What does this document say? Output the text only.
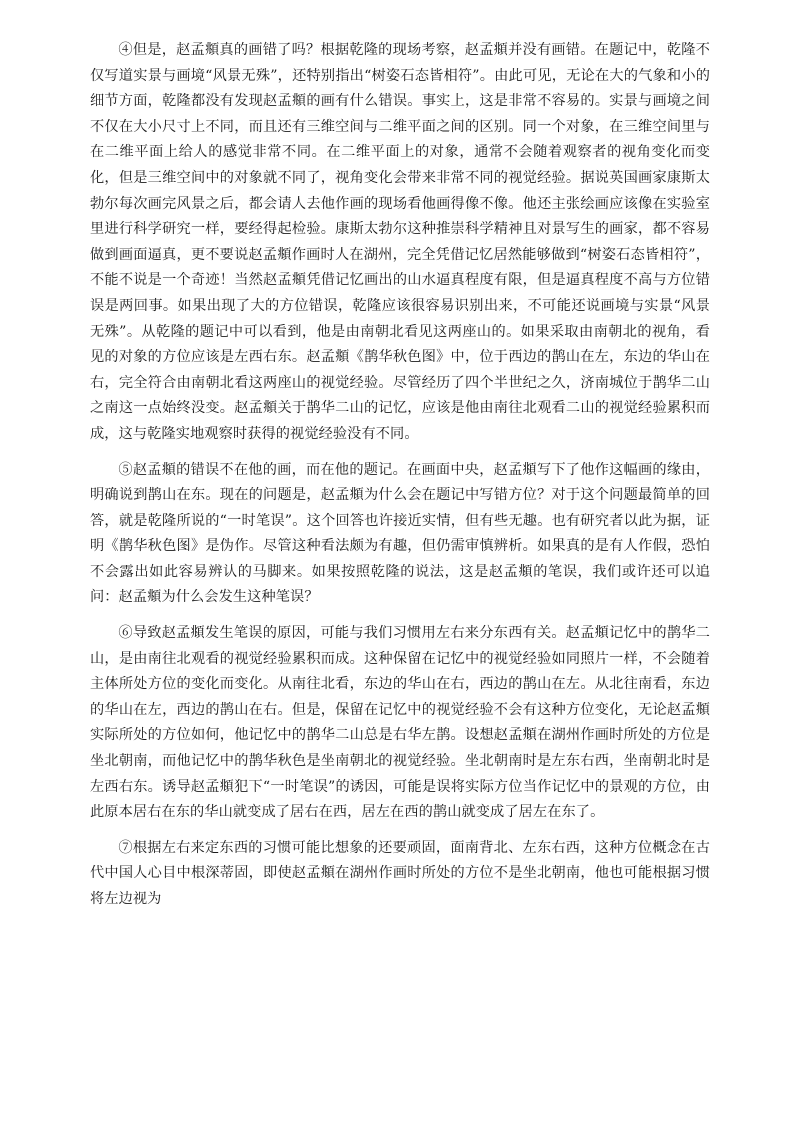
④但是，赵孟頫真的画错了吗？根据乾隆的现场考察，赵孟頫并没有画错。在题记中，乾隆不仅写道实景与画境“风景无殊”，还特别指出“树姿石态皆相符”。由此可见，无论在大的气象和小的细节方面，乾隆都没有发现赵孟頫的画有什么错误。事实上，这是非常不容易的。实景与画境之间不仅在大小尺寸上不同，而且还有三维空间与二维平面之间的区别。同一个对象，在三维空间里与在二维平面上给人的感觉非常不同。在二维平面上的对象，通常不会随着观察者的视角变化而变化，但是三维空间中的对象就不同了，视角变化会带来非常不同的视觉经验。据说英国画家康斯太勃尔每次画完风景之后，都会请人去他作画的现场看他画得像不像。他还主张绘画应该像在实验室里进行科学研究一样，要经得起检验。康斯太勃尔这种推崇科学精神且对景写生的画家，都不容易做到画面逼真，更不要说赵孟頫作画时人在湖州，完全凭借记忆居然能够做到“树姿石态皆相符”，不能不说是一个奇迹！当然赵孟頫凭借记忆画出的山水逼真程度有限，但是逼真程度不高与方位错误是两回事。如果出现了大的方位错误，乾隆应该很容易识别出来，不可能还说画境与实景“风景无殊”。从乾隆的题记中可以看到，他是由南朝北看见这两座山的。如果采取由南朝北的视角，看见的对象的方位应该是左西右东。赵孟頫《鹊华秋色图》中，位于西边的鹊山在左，东边的华山在右，完全符合由南朝北看这两座山的视觉经验。尽管经历了四个半世纪之久，济南城位于鹊华二山之南这一点始终没变。赵孟頫关于鹊华二山的记忆，应该是他由南往北观看二山的视觉经验累积而成，这与乾隆实地观察时获得的视觉经验没有不同。

⑤赵孟頫的错误不在他的画，而在他的题记。在画面中央，赵孟頫写下了他作这幅画的缘由，明确说到鹊山在东。现在的问题是，赵孟頫为什么会在题记中写错方位？对于这个问题最简单的回答，就是乾隆所说的“一时笔误”。这个回答也许接近实情，但有些无趣。也有研究者以此为据，证明《鹊华秋色图》是伪作。尽管这种看法颇为有趣，但仍需审慎辨析。如果真的是有人作假，恐怕不会露出如此容易辨认的马脚来。如果按照乾隆的说法，这是赵孟頫的笔误，我们或许还可以追问：赵孟頫为什么会发生这种笔误？

⑥导致赵孟頫发生笔误的原因，可能与我们习惯用左右来分东西有关。赵孟頫记忆中的鹊华二山，是由南往北观看的视觉经验累积而成。这种保留在记忆中的视觉经验如同照片一样，不会随着主体所处方位的变化而变化。从南往北看，东边的华山在右，西边的鹊山在左。从北往南看，东边的华山在左，西边的鹊山在右。但是，保留在记忆中的视觉经验不会有这种方位变化，无论赵孟頫实际所处的方位如何，他记忆中的鹊华二山总是右华左鹊。设想赵孟頫在湖州作画时所处的方位是坐北朝南，而他记忆中的鹊华秋色是坐南朝北的视觉经验。坐北朝南时是左东右西，坐南朝北时是左西右东。诱导赵孟頫犯下“一时笔误”的诱因，可能是误将实际方位当作记忆中的景观的方位，由此原本居右在东的华山就变成了居右在西，居左在西的鹊山就变成了居左在东了。

⑦根据左右来定东西的习惯可能比想象的还要顽固，面南背北、左东右西，这种方位概念在古代中国人心目中根深蒂固，即使赵孟頫在湖州作画时所处的方位不是坐北朝南，他也可能根据习惯将左边视为
